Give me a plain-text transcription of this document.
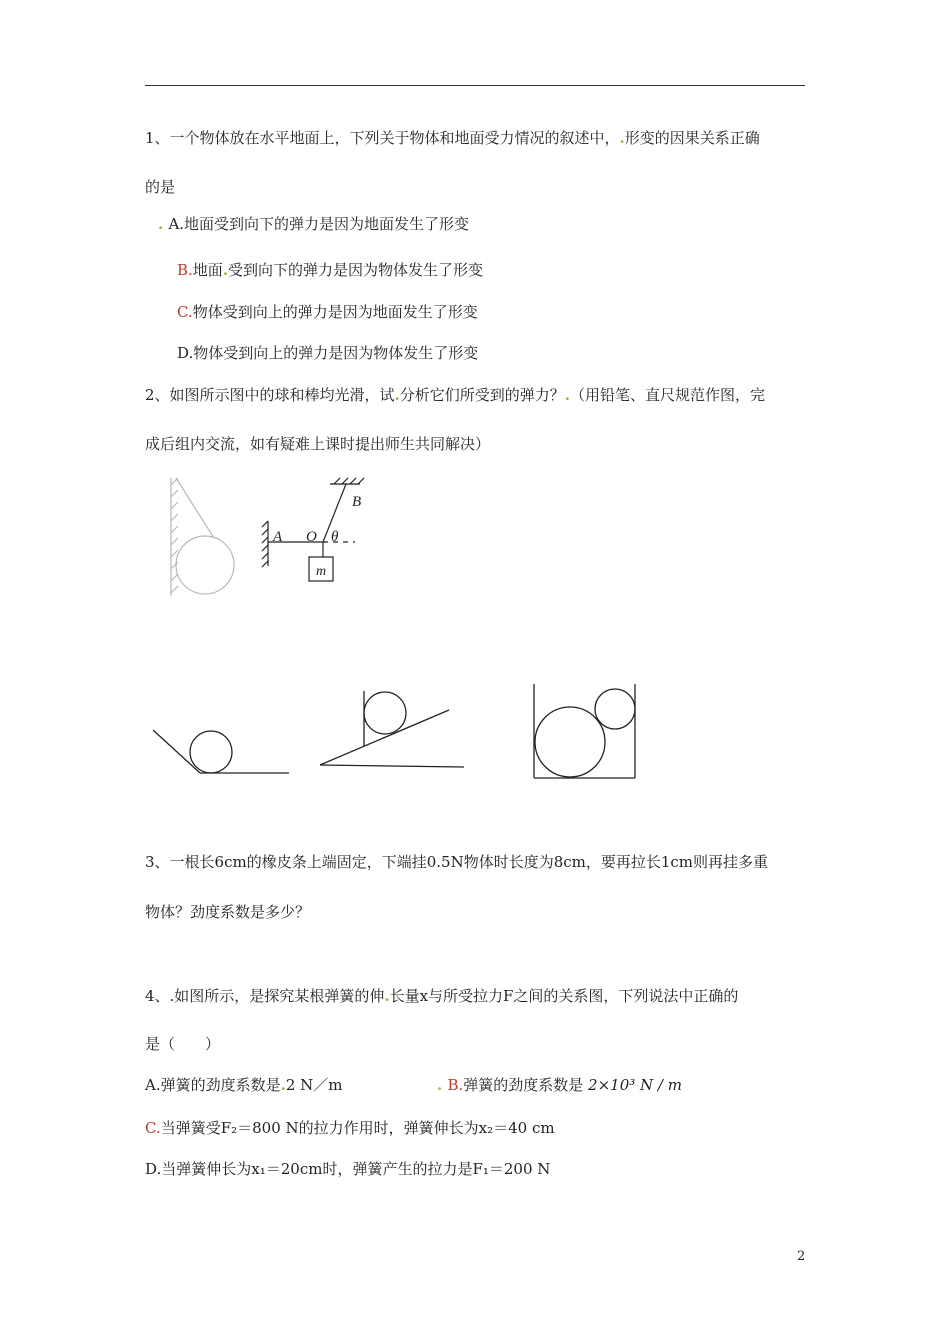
1、一个物体放在水平地面上，下列关于物体和地面受力情况的叙述中，.形变的因果关系正确
的是
. A.地面受到向下的弹力是因为地面发生了形变
B.地面.受到向下的弹力是因为物体发生了形变
C.物体受到向上的弹力是因为地面发生了形变
D.物体受到向上的弹力是因为物体发生了形变
2、如图所示图中的球和棒均光滑，试.分析它们所受到的弹力？.（用铅笔、直尺规范作图，完
成后组内交流，如有疑难上课时提出师生共同解决）
A O
B
θ
m
3、一根长6cm的橡皮条上端固定，下端挂0.5N物体时长度为8cm，要再拉长1cm则再挂多重
物体？劲度系数是多少？
4、.如图所示，是探究某根弹簧的伸.长量x与所受拉力F之间的关系图，下列说法中正确的
是（　　）
A.弹簧的劲度系数是.2 N／m	. B.弹簧的劲度系数是 2×10³ N / m
C.当弹簧受F₂＝800 N的拉力作用时，弹簧伸长为x₂＝40 cm
D.当弹簧伸长为x₁＝20cm时，弹簧产生的拉力是F₁＝200 N
2
